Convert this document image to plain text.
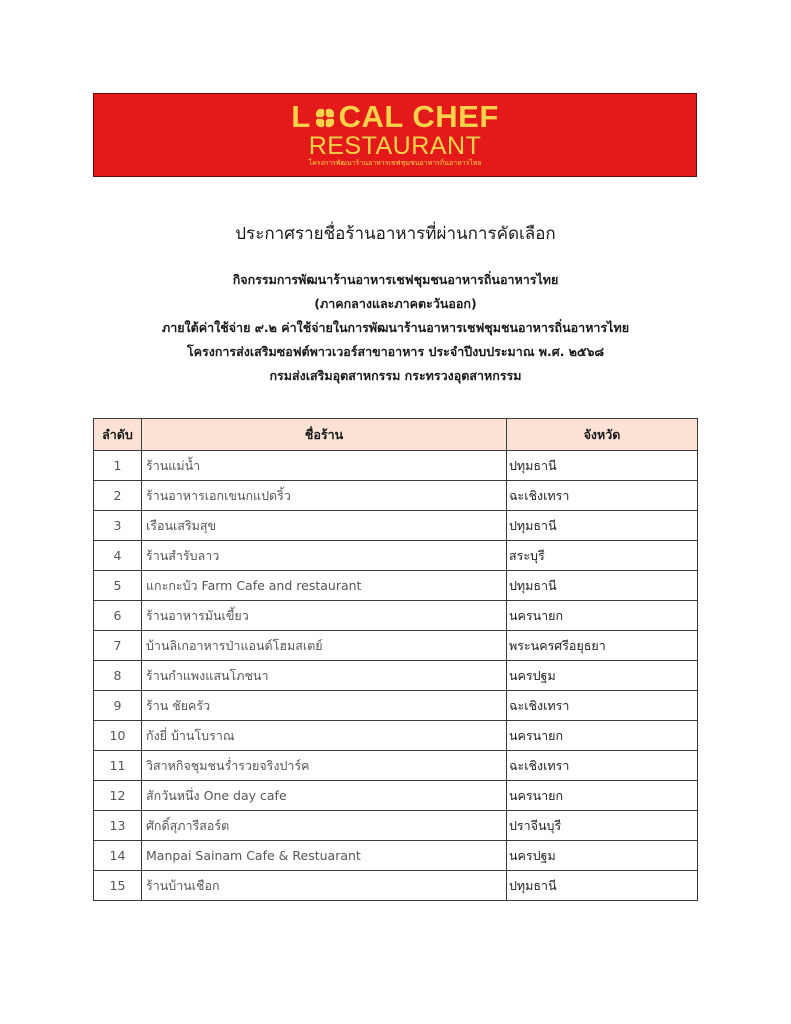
L CAL CHEF
RESTAURANT
โครงการพัฒนาร้านอาหารเชฟชุมชนอาหารถิ่นอาหารไทย
ประกาศรายชื่อร้านอาหารที่ผ่านการคัดเลือก
กิจกรรมการพัฒนาร้านอาหารเชฟชุมชนอาหารถิ่นอาหารไทย
(ภาคกลางและภาคตะวันออก)
ภายใต้ค่าใช้จ่าย ๙.๒ ค่าใช้จ่ายในการพัฒนาร้านอาหารเชฟชุมชนอาหารถิ่นอาหารไทย
โครงการส่งเสริมซอฟต์พาวเวอร์สาขาอาหาร ประจำปีงบประมาณ พ.ศ. ๒๕๖๘
กรมส่งเสริมอุตสาหกรรม กระทรวงอุตสาหกรรม
ลำดับ	ชื่อร้าน	จังหวัด
1	ร้านแม่น้ำ	ปทุมธานี
2	ร้านอาหารเอกเขนกแปดริ้ว	ฉะเชิงเทรา
3	เรือนเสริมสุข	ปทุมธานี
4	ร้านสำรับลาว	สระบุรี
5	แกะกะบัว Farm Cafe and restaurant	ปทุมธานี
6	ร้านอาหารมันเขี้ยว	นครนายก
7	บ้านลิเกอาหารป่าแอนด์โฮมสเตย์	พระนครศรีอยุธยา
8	ร้านกำแพงแสนโภชนา	นครปฐม
9	ร้าน ชัยครัว	ฉะเชิงเทรา
10	กังยี่ บ้านโบราณ	นครนายก
11	วิสาหกิจชุมชนร่ำรวยจริงปาร์ค	ฉะเชิงเทรา
12	สักวันหนึ่ง One day cafe	นครนายก
13	ศักดิ์สุภารีสอร์ต	ปราจีนบุรี
14	Manpai Sainam Cafe & Restuarant	นครปฐม
15	ร้านบ้านเชือก	ปทุมธานี
